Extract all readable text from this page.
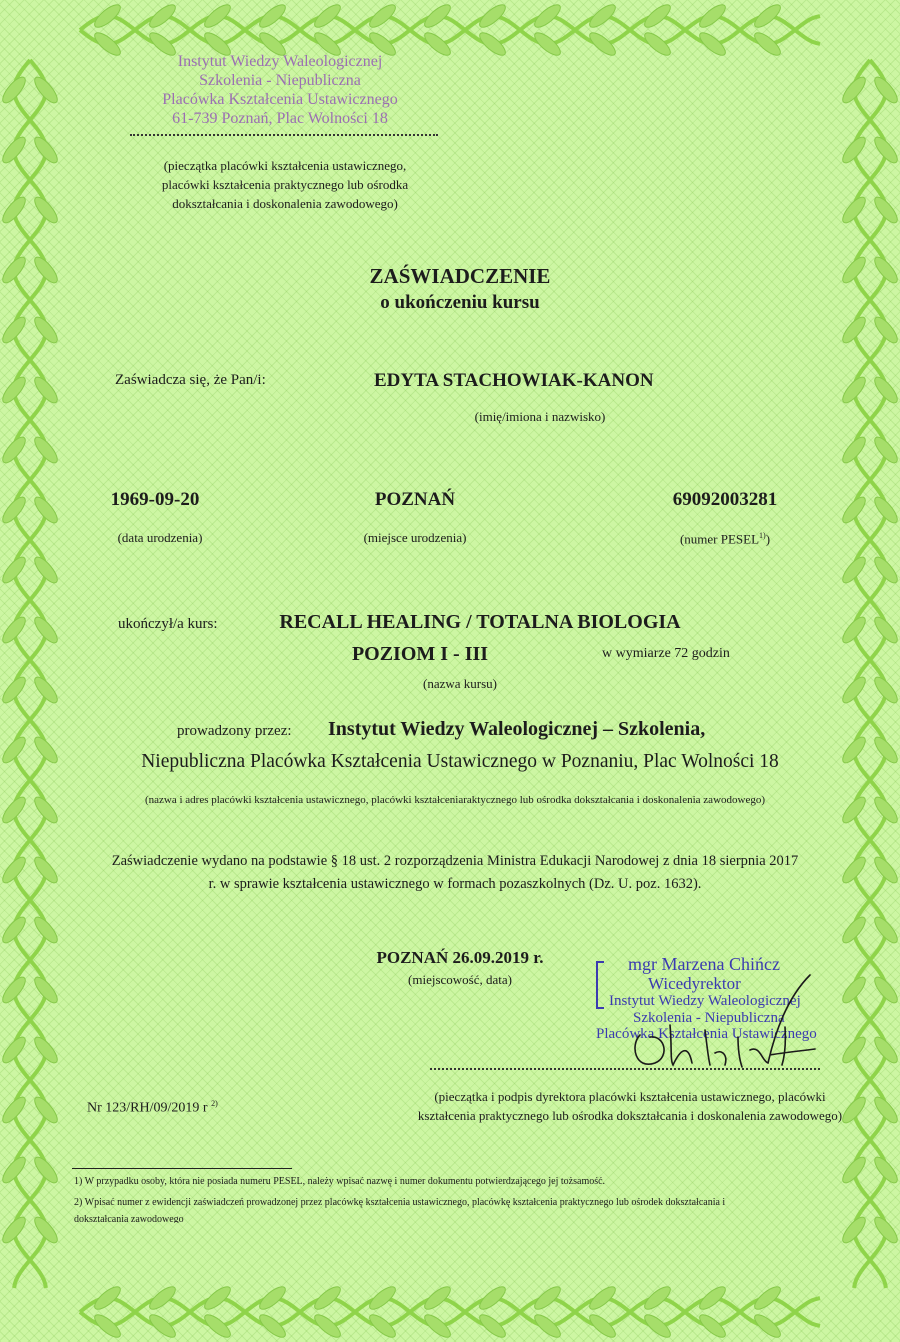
Instytut Wiedzy Waleologicznej
Szkolenia - Niepubliczna
Placówka Kształcenia Ustawicznego
61-739 Poznań, Plac Wolności 18
(pieczątka placówki kształcenia ustawicznego,
placówki kształcenia praktycznego lub ośrodka
dokształcania i doskonalenia zawodowego)
ZAŚWIADCZENIE
o ukończeniu kursu
Zaświadcza się, że Pan/i:	EDYTA STACHOWIAK-KANON
(imię/imiona i nazwisko)
1969-09-20
(data urodzenia)
POZNAŃ
(miejsce urodzenia)
69092003281
(numer PESEL$^{1)}$)
ukończył/a kurs:	RECALL HEALING / TOTALNA BIOLOGIA
POZIOM I - III	w wymiarze 72 godzin
(nazwa kursu)
prowadzony przez: Instytut Wiedzy Waleologicznej – Szkolenia,
Niepubliczna Placówka Kształcenia Ustawicznego w Poznaniu, Plac Wolności 18
(nazwa i adres placówki kształcenia ustawicznego, placówki kształceniaraktycznego lub ośrodka dokształcania i doskonalenia zawodowego)
Zaświadczenie wydano na podstawie § 18 ust. 2 rozporządzenia Ministra Edukacji Narodowej z dnia 18 sierpnia 2017
r. w sprawie kształcenia ustawicznego w formach pozaszkolnych (Dz. U. poz. 1632).
POZNAŃ 26.09.2019 r.
(miejscowość, data)
mgr Marzena Chińcz
Wicedyrektor
Instytut Wiedzy Waleologicznej
Szkolenia - Niepubliczna
Placówka Kształcenia Ustawicznego
Nr 123/RH/09/2019 r $^{2)}$	(pieczątka i podpis dyrektora placówki kształcenia ustawicznego, placówki
kształcenia praktycznego lub ośrodka dokształcania i doskonalenia zawodowego)
1) W przypadku osoby, która nie posiada numeru PESEL, należy wpisać nazwę i numer dokumentu potwierdzającego jej tożsamość.
2) Wpisać numer z ewidencji zaświadczeń prowadzonej przez placówkę kształcenia ustawicznego, placówkę kształcenia praktycznego lub ośrodek dokształcania i
dokształcania zawodowego
